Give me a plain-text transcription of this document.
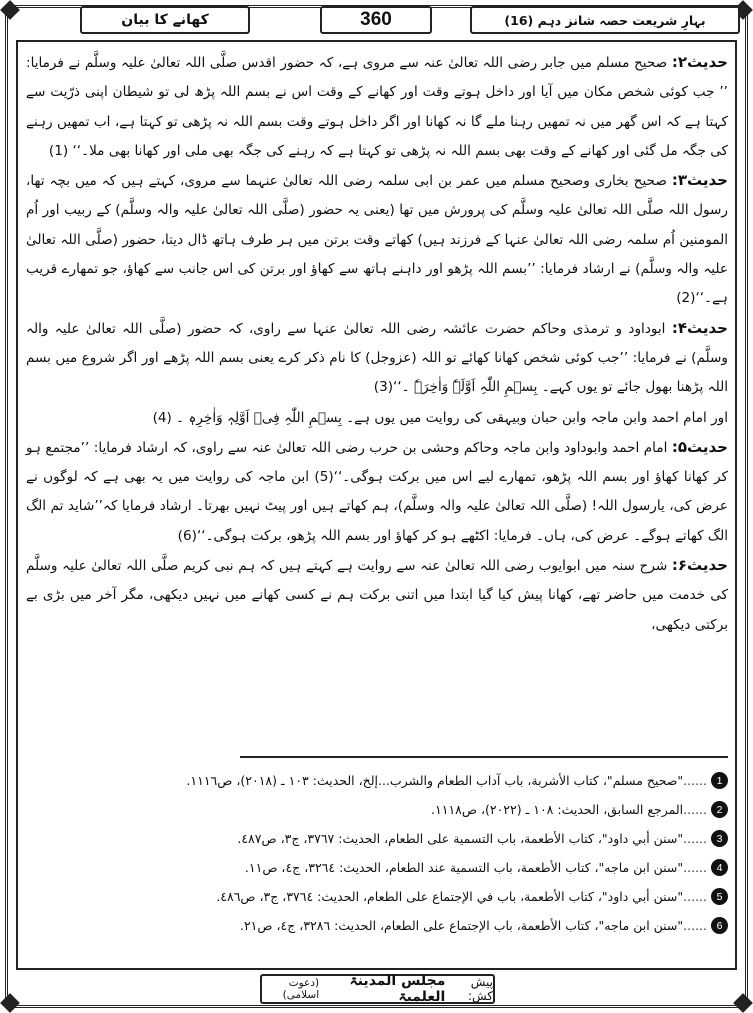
بہارِ شریعت حصہ شانز دہم (16)
360
کھانے کا بیان

حدیث۲: صحیح مسلم میں جابر رضی اللہ تعالیٰ عنہ سے مروی ہے، کہ حضور اقدس صلَّی اللہ تعالیٰ علیہ وسلَّم نے فرمایا: ’’ جب کوئی شخص مکان میں آیا اور داخل ہوتے وقت اور کھانے کے وقت اس نے بسم اللہ پڑھ لی تو شیطان اپنی ذرّیت سے کہتا ہے کہ اس گھر میں نہ تمھیں رہنا ملے گا نہ کھانا اور اگر داخل ہوتے وقت بسم اللہ نہ پڑھی تو کہتا ہے، اب تمھیں رہنے کی جگہ مل گئی اور کھانے کے وقت بھی بسم اللہ نہ پڑھی تو کہتا ہے کہ رہنے کی جگہ بھی ملی اور کھانا بھی ملا۔‘‘ (1)

حدیث۳: صحیح بخاری وصحیح مسلم میں عمر بن ابی سلمہ رضی اللہ تعالیٰ عنہما سے مروی، کہتے ہیں کہ میں بچہ تھا، رسول اللہ صلَّی اللہ تعالیٰ علیہ وسلَّم کی پرورش میں تھا (یعنی یہ حضور (صلَّی اللہ تعالیٰ علیہ والہ وسلَّم) کے ربیب اور اُم المومنین اُم سلمہ رضی اللہ تعالیٰ عنہا کے فرزند ہیں) کھاتے وقت برتن میں ہر طرف ہاتھ ڈال دیتا، حضور (صلَّی اللہ تعالیٰ علیہ والہ وسلَّم) نے ارشاد فرمایا: ’’بسم اللہ پڑھو اور داہنے ہاتھ سے کھاؤ اور برتن کی اس جانب سے کھاؤ، جو تمھارے قریب ہے۔‘‘(2)

حدیث۴: ابوداود و ترمذی وحاکم حضرت عائشہ رضی اللہ تعالیٰ عنہا سے راوی، کہ حضور (صلَّی اللہ تعالیٰ علیہ والہ وسلَّم) نے فرمایا: ’’جب کوئی شخص کھانا کھائے تو اللہ (عزوجل) کا نام ذکر کرے یعنی بسم اللہ پڑھے اور اگر شروع میں بسم اللہ پڑھنا بھول جائے تو یوں کہے۔ بِسۡمِ اللّٰہِ اَوَّلَہٗ وَاٰخِرَہٗ ۔‘‘(3)

اور امام احمد وابن ماجہ وابن حبان وبیہقی کی روایت میں یوں ہے۔ بِسۡمِ اللّٰہِ فِیۡ اَوَّلِہٖ وَاٰخِرِہٖ ۔ (4)

حدیث۵: امام احمد وابوداود وابن ماجہ وحاکم وحشی بن حرب رضی اللہ تعالیٰ عنہ سے راوی، کہ ارشاد فرمایا: ’’مجتمع ہو کر کھانا کھاؤ اور بسم اللہ پڑھو، تمھارے لیے اس میں برکت ہوگی۔‘‘(5) ابن ماجہ کی روایت میں یہ بھی ہے کہ لوگوں نے عرض کی، یارسول اللہ! (صلَّی اللہ تعالیٰ علیہ والہ وسلَّم)، ہم کھاتے ہیں اور پیٹ نہیں بھرتا۔ ارشاد فرمایا کہ’’شاید تم الگ الگ کھاتے ہوگے۔ عرض کی، ہاں۔ فرمایا: اکٹھے ہو کر کھاؤ اور بسم اللہ پڑھو، برکت ہوگی۔‘‘(6)

حدیث۶: شرح سنہ میں ابوایوب رضی اللہ تعالیٰ عنہ سے روایت ہے کہتے ہیں کہ ہم نبی کریم صلَّی اللہ تعالیٰ علیہ وسلَّم کی خدمت میں حاضر تھے، کھانا پیش کیا گیا ابتدا میں اتنی برکت ہم نے کسی کھانے میں نہیں دیکھی، مگر آخر میں بڑی بے برکتی دیکھی،

1
......
"صحيح مسلم"، كتاب الأشربة، باب آداب الطعام والشرب...إلخ، الحديث: ١٠٣ ـ (٢٠١٨)، ص١١١٦.
2
......
المرجع السابق، الحديث: ١٠٨ ـ (٢٠٢٢)، ص١١١٨.
3
......
"سنن أبي داود"، كتاب الأطعمة، باب التسمية على الطعام، الحديث: ٣٧٦٧، ج٣، ص٤٨٧.
4
......
"سنن ابن ماجه"، كتاب الأطعمة، باب التسمية عند الطعام، الحديث: ٣٢٦٤، ج٤، ص١١.
5
......
"سنن أبي داود"، كتاب الأطعمة، باب في الإجتماع على الطعام، الحديث: ٣٧٦٤، ج٣، ص٤٨٦.
6
......
"سنن ابن ماجه"، كتاب الأطعمة، باب الإجتماع على الطعام، الحديث: ٣٢٨٦، ج٤، ص٢١.
پیش کش:
مجلس المدینۃ العلمیۃ
(دعوت اسلامی)
